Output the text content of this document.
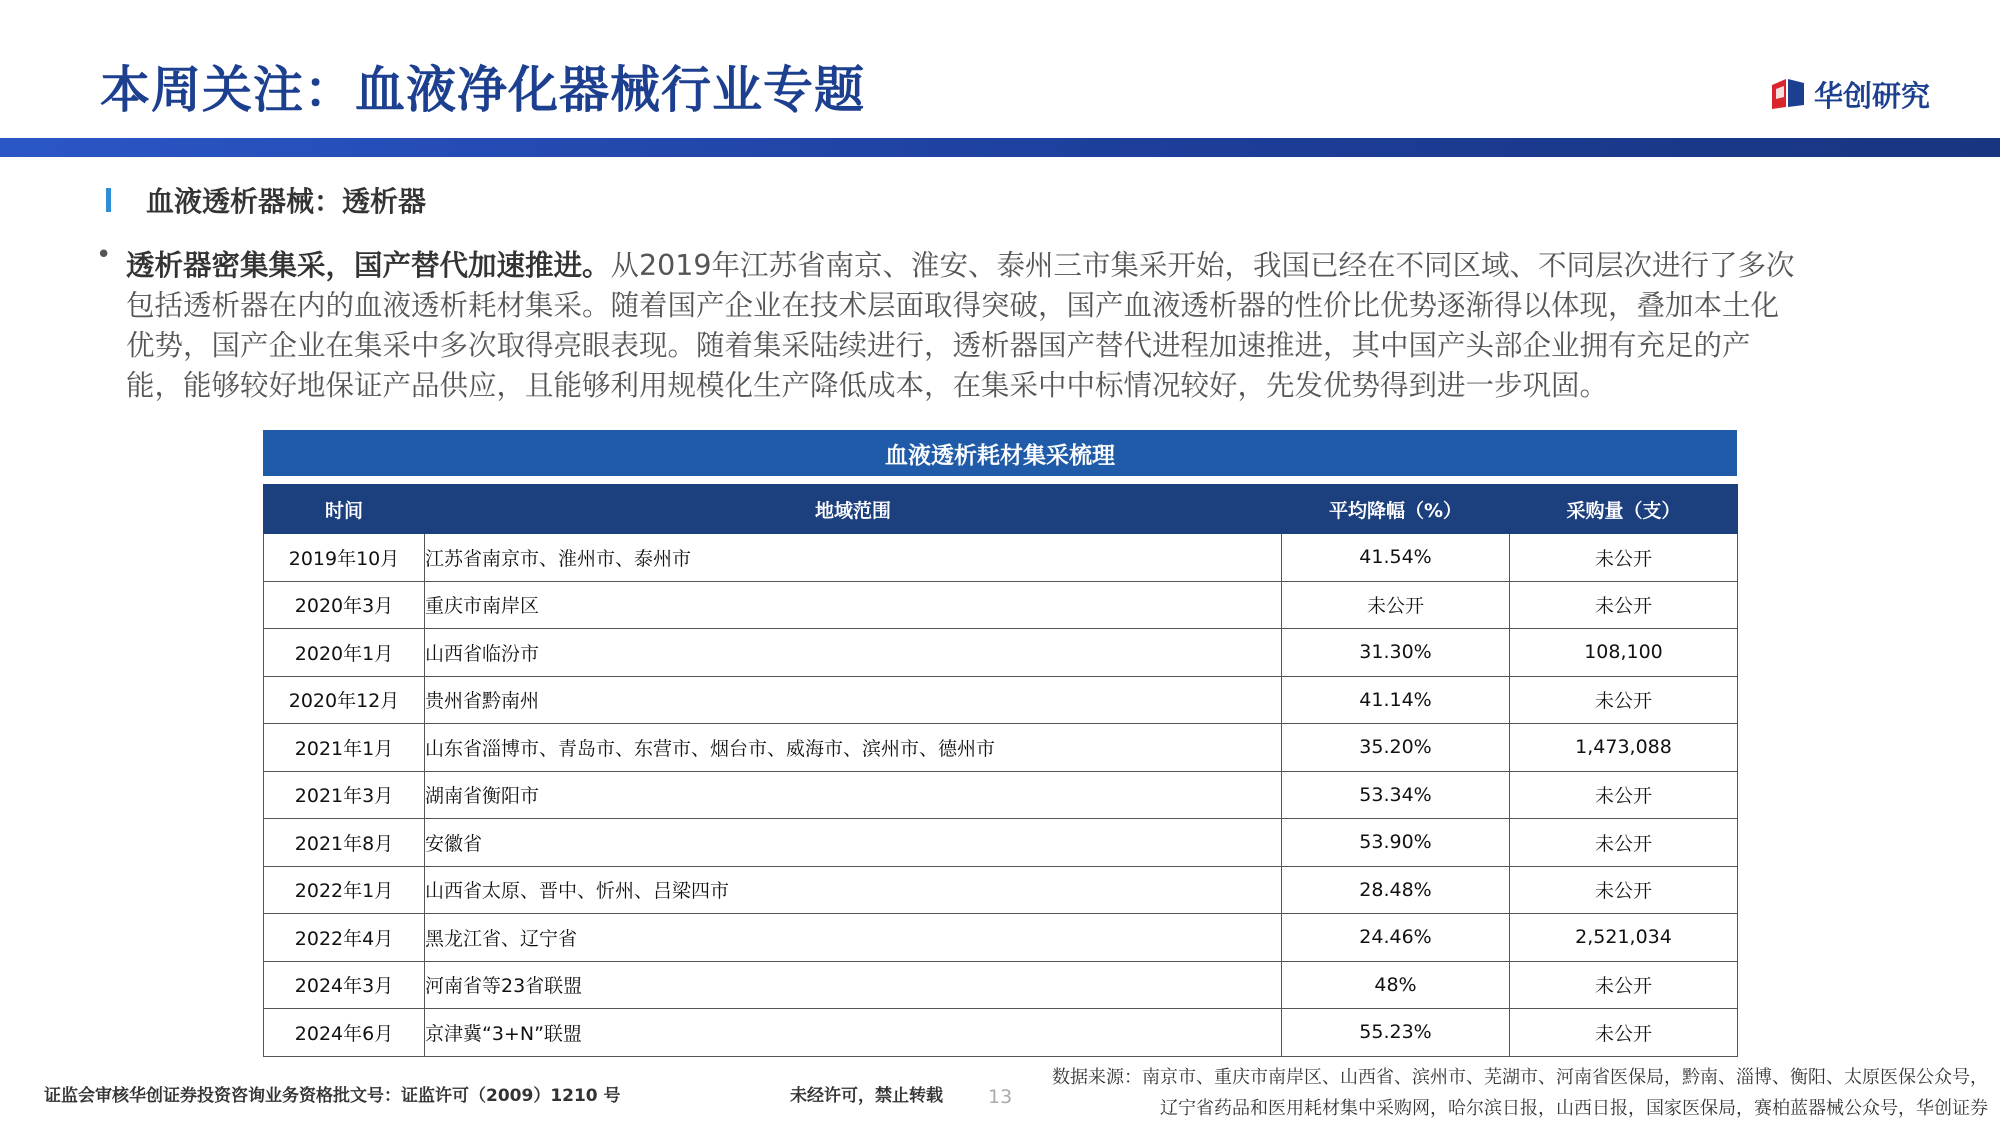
本周关注：血液净化器械行业专题	华创研究
血液透析器械：透析器
• 透析器密集集采，国产替代加速推进。从2019年江苏省南京、淮安、泰州三市集采开始，我国已经在不同区域、不同层次进行了多次包括透析器在内的血液透析耗材集采。随着国产企业在技术层面取得突破，国产血液透析器的性价比优势逐渐得以体现，叠加本土化优势，国产企业在集采中多次取得亮眼表现。随着集采陆续进行，透析器国产替代进程加速推进，其中国产头部企业拥有充足的产能，能够较好地保证产品供应，且能够利用规模化生产降低成本，在集采中中标情况较好，先发优势得到进一步巩固。
血液透析耗材集采梳理
时间	地域范围	平均降幅（%）	采购量（支）
2019年10月	江苏省南京市、淮州市、泰州市	41.54%	未公开
2020年3月	重庆市南岸区	未公开	未公开
2020年1月	山西省临汾市	31.30%	108,100
2020年12月	贵州省黔南州	41.14%	未公开
2021年1月	山东省淄博市、青岛市、东营市、烟台市、威海市、滨州市、德州市	35.20%	1,473,088
2021年3月	湖南省衡阳市	53.34%	未公开
2021年8月	安徽省	53.90%	未公开
2022年1月	山西省太原、晋中、忻州、吕梁四市	28.48%	未公开
2022年4月	黑龙江省、辽宁省	24.46%	2,521,034
2024年3月	河南省等23省联盟	48%	未公开
2024年6月	京津冀“3+N”联盟	55.23%	未公开
证监会审核华创证券投资咨询业务资格批文号：证监许可（2009）1210 号	未经许可，禁止转载 13
数据来源：南京市、重庆市南岸区、山西省、滨州市、芜湖市、河南省医保局，黔南、淄博、衡阳、太原医保公众号，
辽宁省药品和医用耗材集中采购网，哈尔滨日报，山西日报，国家医保局，赛柏蓝器械公众号，华创证券
